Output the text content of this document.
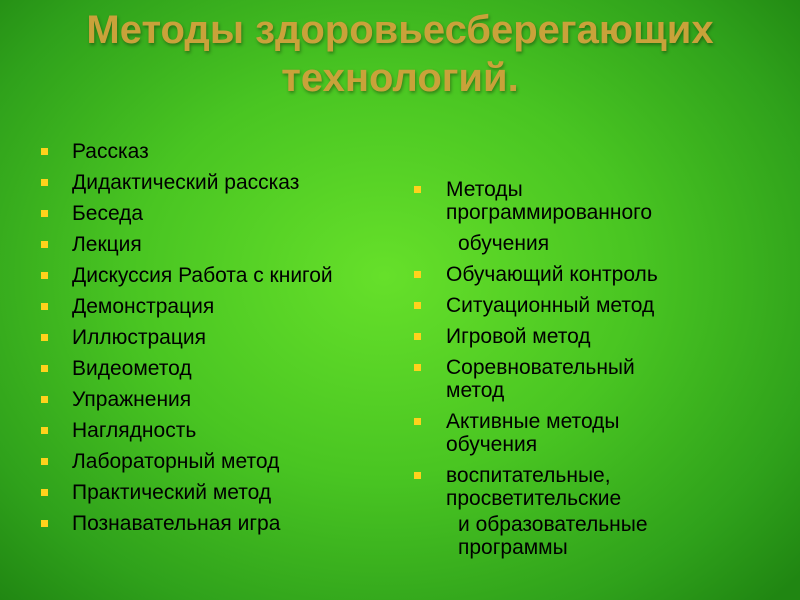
Методы здоровьесберегающих
технологий.
Рассказ
Дидактический рассказ
Беседа
Лекция
Дискуссия Работа с книгой
Демонстрация
Иллюстрация
Видеометод
Упражнения
Наглядность
Лабораторный метод
Практический метод
Познавательная игра
Методы программированного
обучения
Обучающий контроль
Ситуационный метод
Игровой метод
Соревновательный метод
Активные методы обучения
воспитательные, просветительские
и образовательные программы
